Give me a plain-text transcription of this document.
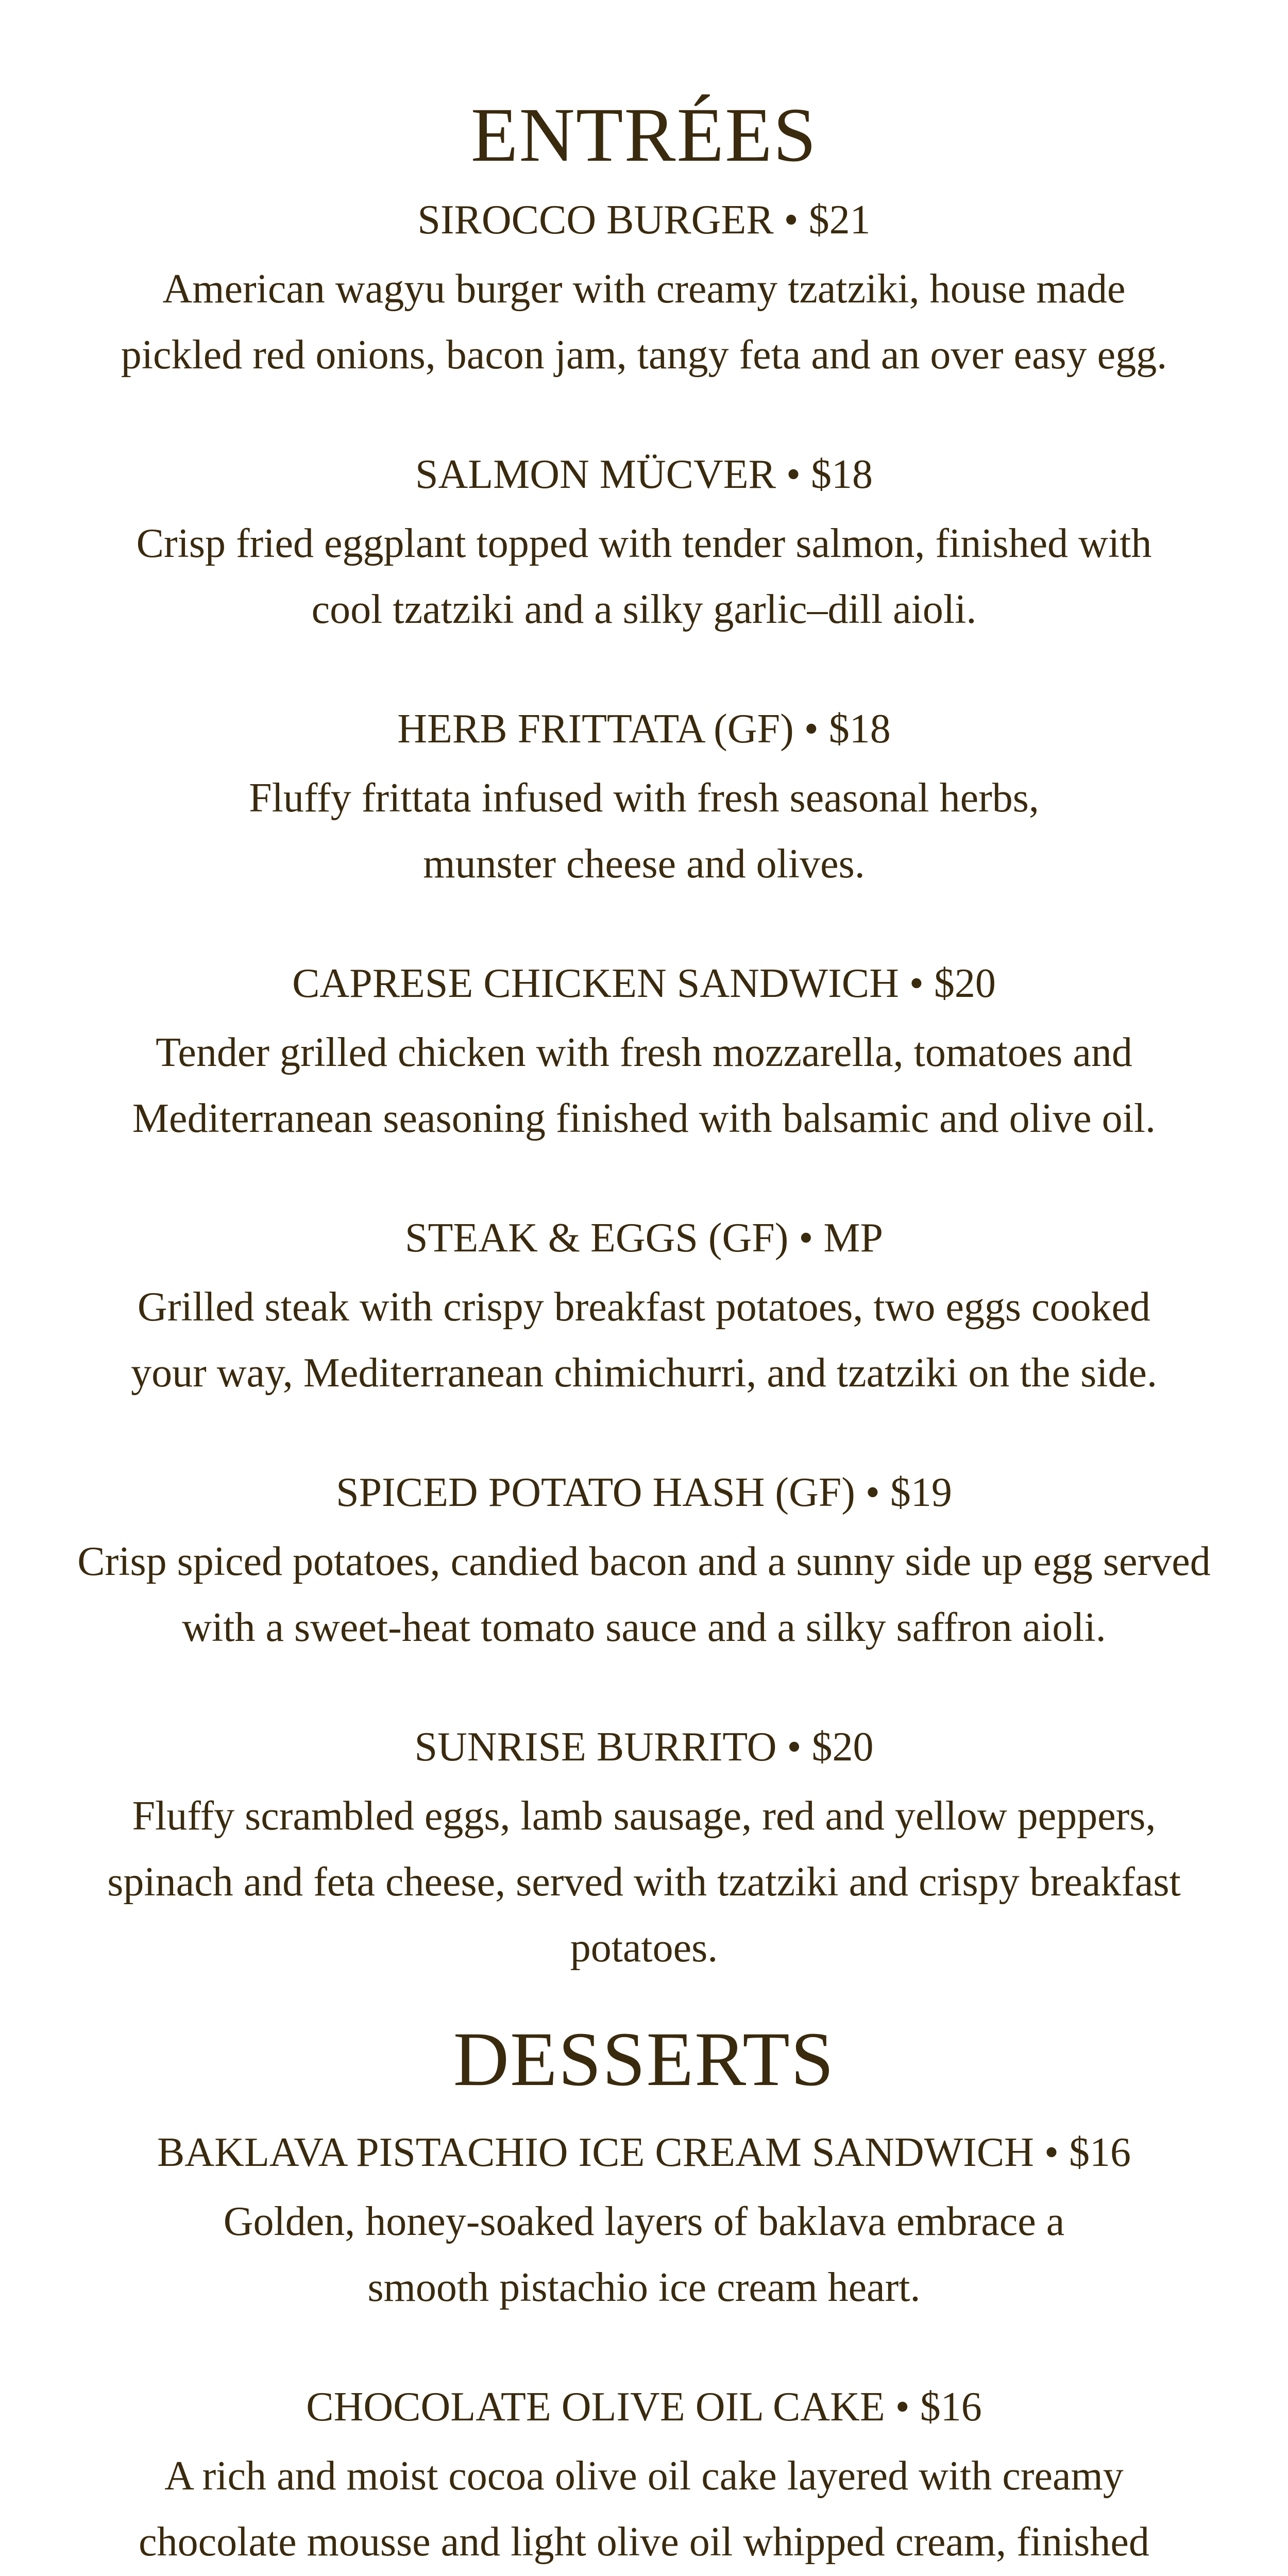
ENTRÉES
SIROCCO BURGER • $21

American wagyu burger with creamy tzatziki, house made pickled red onions, bacon jam, tangy feta and an over easy egg.

SALMON MÜCVER • $18

Crisp fried eggplant topped with tender salmon, finished with cool tzatziki and a silky garlic–dill aioli.

HERB FRITTATA (GF) • $18

Fluffy frittata infused with fresh seasonal herbs, munster cheese and olives.

CAPRESE CHICKEN SANDWICH • $20

Tender grilled chicken with fresh mozzarella, tomatoes and Mediterranean seasoning finished with balsamic and olive oil.

STEAK & EGGS (GF) • MP

Grilled steak with crispy breakfast potatoes, two eggs cooked your way, Mediterranean chimichurri, and tzatziki on the side.

SPICED POTATO HASH (GF) • $19

Crisp spiced potatoes, candied bacon and a sunny side up egg served with a sweet-heat tomato sauce and a silky saffron aioli.

SUNRISE BURRITO • $20

Fluffy scrambled eggs, lamb sausage, red and yellow peppers, spinach and feta cheese, served with tzatziki and crispy breakfast potatoes.

DESSERTS
BAKLAVA PISTACHIO ICE CREAM SANDWICH • $16

Golden, honey-soaked layers of baklava embrace a smooth pistachio ice cream heart.

CHOCOLATE OLIVE OIL CAKE • $16

A rich and moist cocoa olive oil cake layered with creamy chocolate mousse and light olive oil whipped cream, finished
